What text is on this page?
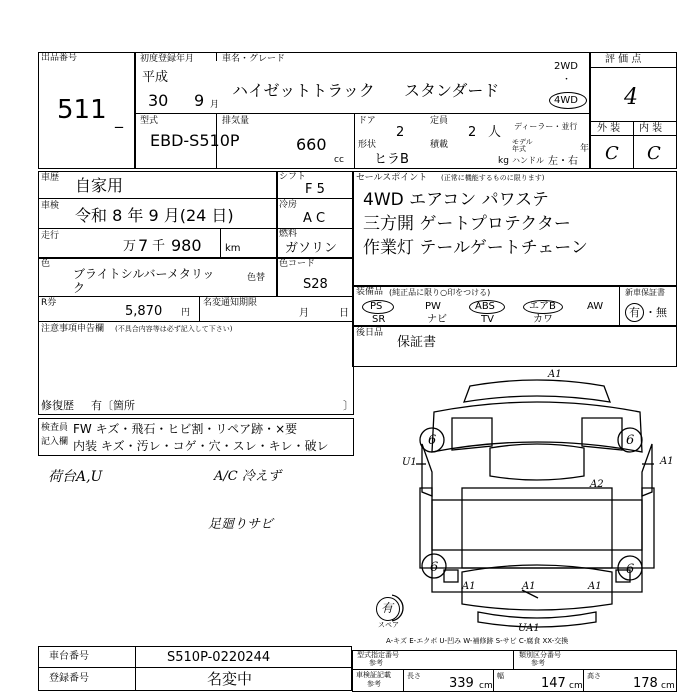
出品番号
511 _
初度登録年月	車名・グレード
平成
30 9 月
ハイゼットトラック スタンダード
型式
EBD-S510P
排気量
660
cc
ドア
2
定員
2 人 ディーラー・並行
形状
ヒラB
積載
kg
モデル年式	年
ハンドル 左・右
2WD
・
4WD
評 価 点
4
外 装 内 装
C C
車歴 自家用
車検 令和 8 年 9 月(24 日)
走行
万 7 千 980 km
シフト
F 5
冷房
A C
燃料
ガソリン
色
ブライトシルバーメタリッ
ク
色替
色コード
S28
R券
5,870 円
名変通知期限
月	日
注意事項申告欄 (不具合内容等は必ず記入して下さい)
修復歴 有〔箇所	〕
検査員
記入欄
FW キズ・飛石・ヒビ割・リペア跡・×要
内装 キズ・汚レ・コゲ・穴・スレ・キレ・破レ
セールスポイント (正常に機能するものに限ります)
4WD エアコン パワステ
三方開 ゲートプロテクター
作業灯 テールゲートチェーン
装備品 (純正品に限り○印をつける)
PS	PW	ABS	エアB	AW
SR	ナビ	TV	カワ
新車保証書
有 ・無
後日品
保証書
荷台A,U	A/C 冷えず
足廻りサビ
A1
A1
U1
A2
A1	A1	A1
UA1
6	6
6	6
有
スペア
A-キズ E-エクボ U-凹み W-補修跡 S-サビ C-腐食 XX-交換
車台番号	S510P-0220244
登録番号	名変中
型式指定番号
参考
類別区分番号
参考
車検証記載
参考
長さ 339 cm
幅	147 cm
高さ 178 cm
